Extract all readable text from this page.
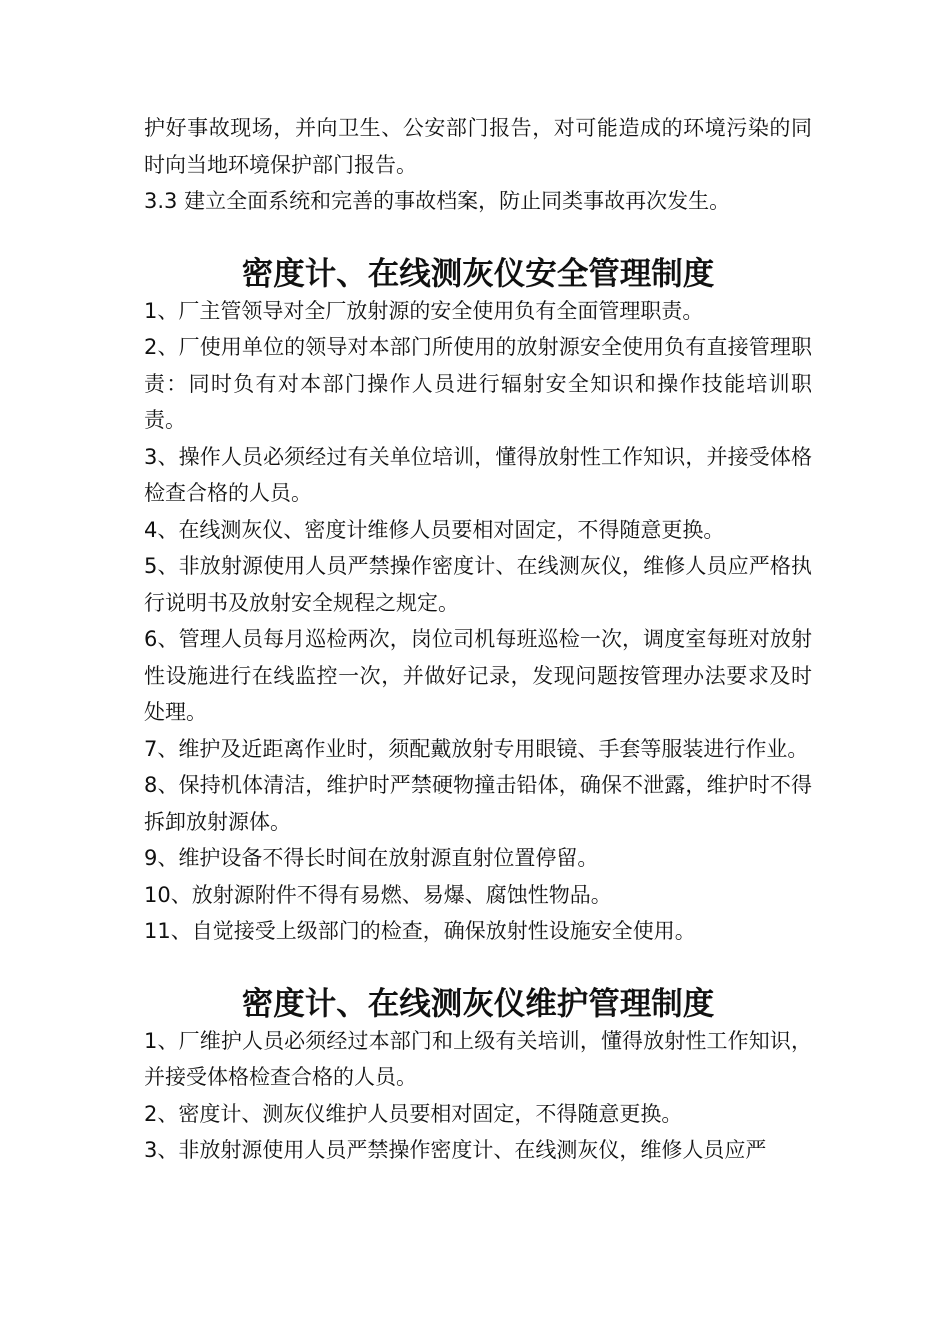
护好事故现场，并向卫生、公安部门报告，对可能造成的环境污染的同时向当地环境保护部门报告。

3.3 建立全面系统和完善的事故档案，防止同类事故再次发生。

密度计、在线测灰仪安全管理制度

1、厂主管领导对全厂放射源的安全使用负有全面管理职责。

2、厂使用单位的领导对本部门所使用的放射源安全使用负有直接管理职责：同时负有对本部门操作人员进行辐射安全知识和操作技能培训职责。

3、操作人员必须经过有关单位培训，懂得放射性工作知识，并接受体格检查合格的人员。

4、在线测灰仪、密度计维修人员要相对固定，不得随意更换。

5、非放射源使用人员严禁操作密度计、在线测灰仪，维修人员应严格执行说明书及放射安全规程之规定。

6、管理人员每月巡检两次，岗位司机每班巡检一次，调度室每班对放射性设施进行在线监控一次，并做好记录，发现问题按管理办法要求及时处理。

7、维护及近距离作业时，须配戴放射专用眼镜、手套等服装进行作业。

8、保持机体清洁，维护时严禁硬物撞击铅体，确保不泄露，维护时不得拆卸放射源体。

9、维护设备不得长时间在放射源直射位置停留。

10、放射源附件不得有易燃、易爆、腐蚀性物品。

11、自觉接受上级部门的检查，确保放射性设施安全使用。

密度计、在线测灰仪维护管理制度

1、厂维护人员必须经过本部门和上级有关培训，懂得放射性工作知识，并接受体格检查合格的人员。

2、密度计、测灰仪维护人员要相对固定，不得随意更换。

3、非放射源使用人员严禁操作密度计、在线测灰仪，维修人员应严
